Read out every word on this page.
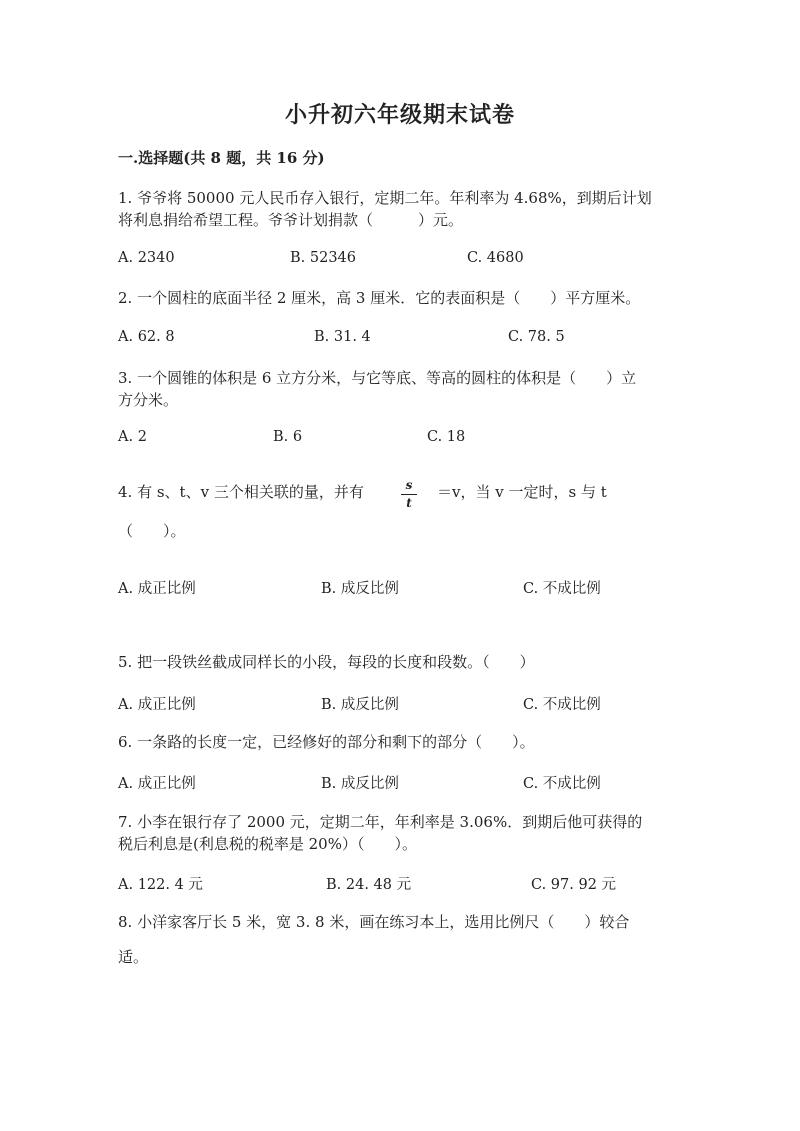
小升初六年级期末试卷
一.选择题(共 8 题，共 16 分)
1. 爷爷将 50000 元人民币存入银行，定期二年。年利率为 4.68%，到期后计划
将利息捐给希望工程。爷爷计划捐款（　　　）元。
A. 2340	B. 52346	C. 4680
2. 一个圆柱的底面半径 2 厘米，高 3 厘米．它的表面积是（　　）平方厘米。
A. 62. 8	B. 31. 4	C. 78. 5
3. 一个圆锥的体积是 6 立方分米，与它等底、等高的圆柱的体积是（　　）立
方分米。
A. 2	B. 6	C. 18
4. 有 s、t、v 三个相关联的量，并有	s
t
＝v，当 v 一定时，s 与 t
（　　）。
A. 成正比例	B. 成反比例	C. 不成比例
5. 把一段铁丝截成同样长的小段，每段的长度和段数。（　　）
A. 成正比例	B. 成反比例	C. 不成比例
6. 一条路的长度一定，已经修好的部分和剩下的部分（　　）。
A. 成正比例	B. 成反比例	C. 不成比例
7. 小李在银行存了 2000 元，定期二年，年利率是 3.06%．到期后他可获得的
税后利息是(利息税的税率是 20%）（　　）。
A. 122. 4 元	B. 24. 48 元	C. 97. 92 元
8. 小洋家客厅长 5 米，宽 3. 8 米，画在练习本上，选用比例尺（　　）较合
适。
